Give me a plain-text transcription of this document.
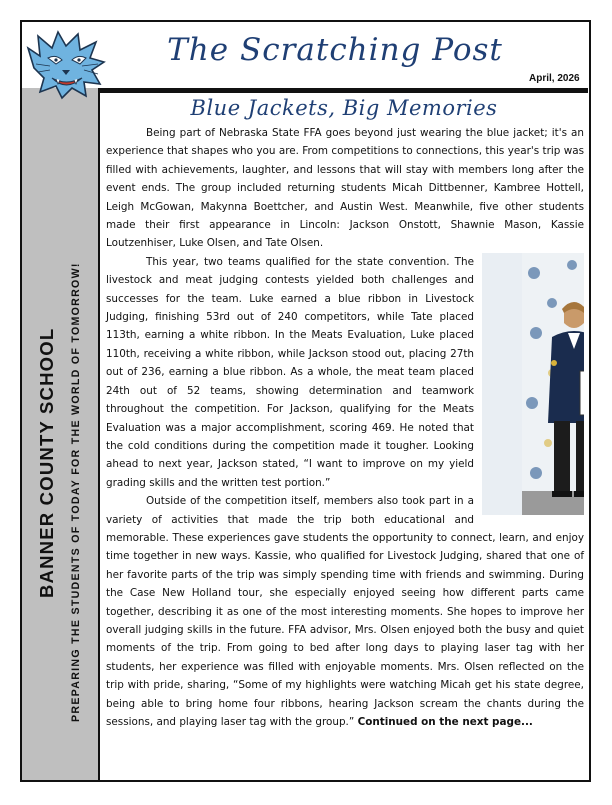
The Scratching Post
April, 2026
BANNER COUNTY SCHOOL PREPARING THE STUDENTS OF TODAY FOR THE WORLD OF TOMORROW!
Blue Jackets, Big Memories

Being part of Nebraska State FFA goes beyond just wearing the blue jacket; it's an experience that shapes who you are. From competitions to connections, this year's trip was filled with achievements, laughter, and lessons that will stay with members long after the event ends. The group included returning students Micah Dittbenner, Kambree Hottell, Leigh McGowan, Makynna Boettcher, and Austin West. Meanwhile, five other students made their first appearance in Lincoln: Jackson Onstott, Shawnie Mason, Kassie Loutzenhiser, Luke Olsen, and Tate Olsen.

This year, two teams qualified for the state convention. The livestock and meat judging contests yielded both challenges and successes for the team. Luke earned a blue ribbon in Livestock Judging, finishing 53rd out of 240 competitors, while Tate placed 113th, earning a white ribbon. In the Meats Evaluation, Luke placed 110th, receiving a white ribbon, while Jackson stood out, placing 27th out of 236, earning a blue ribbon. As a whole, the meat team placed 24th out of 52 teams, showing determination and teamwork throughout the competition. For Jackson, qualifying for the Meats Evaluation was a major accomplishment, scoring 469. He noted that the cold conditions during the competition made it tougher. Looking ahead to next year, Jackson stated, “I want to improve on my yield grading skills and the written test portion.”

Outside of the competition itself, members also took part in a variety of activities that made the trip both educational and memorable. These experiences gave students the opportunity to connect, learn, and enjoy time together in new ways. Kassie, who qualified for Livestock Judging, shared that one of her favorite parts of the trip was simply spending time with friends and swimming. During the Case New Holland tour, she especially enjoyed seeing how different parts came together, describing it as one of the most interesting moments. She hopes to improve her overall judging skills in the future. FFA advisor, Mrs. Olsen enjoyed both the busy and quiet moments of the trip. From going to bed after long days to playing laser tag with her students, her experience was filled with enjoyable moments. Mrs. Olsen reflected on the trip with pride, sharing, “Some of my highlights were watching Micah get his state degree, being able to bring home four ribbons, hearing Jackson scream the chants during the sessions, and playing laser tag with the group.” Continued on the next page...
